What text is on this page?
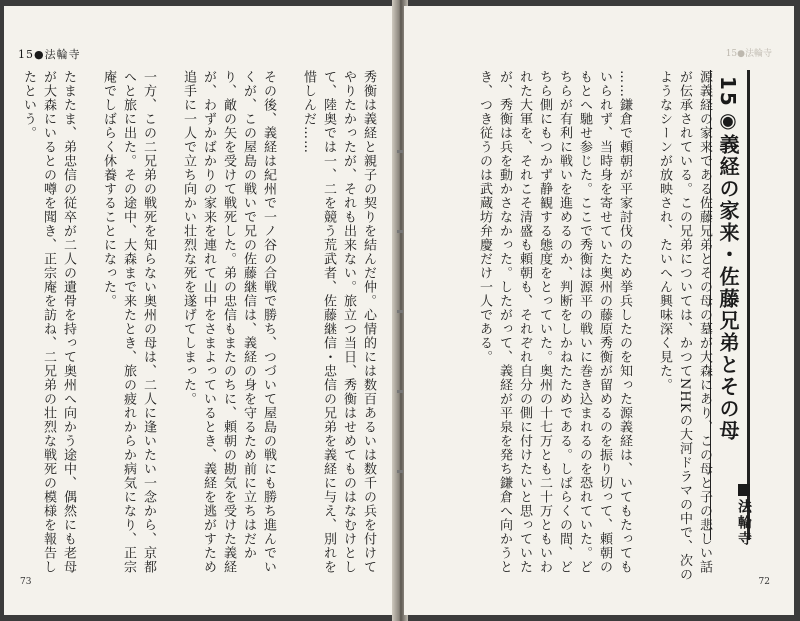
15●法輪寺
秀衡は義経と親子の契りを結んだ仲。心情的には数百あるいは数千の兵を付けてやりたかったが、それも出来ない。旅立つ当日、秀衡はせめてものはなむけとして、陸奥では一、二を競う荒武者、佐藤継信・忠信の兄弟を義経に与え、別れを惜しんだ……

その後、義経は紀州で一ノ谷の合戦で勝ち、つづいて屋島の戦にも勝ち進んでいくが、この屋島の戦いで兄の佐藤継信は、義経の身を守るため前に立ちはだかり、敵の矢を受けて戦死した。弟の忠信もまたのちに、頼朝の勘気を受けた義経が、わずかばかりの家来を連れて山中をさまよっているとき、義経を逃がすため追手に一人で立ち向かい壮烈な死を遂げてしまった。

一方、この二兄弟の戦死を知らない奥州の母は、二人に逢いたい一念から、京都へと旅に出た。その途中、大森まで来たとき、旅の疲れからか病気になり、正宗庵でしばらく休養することになった。

たまたま、弟忠信の従卒が二人の遺骨を持って奥州へ向かう途中、偶然にも老母が大森にいるとの噂を聞き、正宗庵を訪ね、二兄弟の壮烈な戦死の模様を報告したという。

73
15●法輪寺
15◉義経の家来・佐藤兄弟とその母
法輪寺
源義経の家来である佐藤兄弟とその母の墓が大森にあり、この母と子の悲しい話が伝承されている。この兄弟については、かつてNHKの大河ドラマの中で、次のようなシーンが放映され、たいへん興味深く見た。

……鎌倉で頼朝が平家討伐のため挙兵したのを知った源義経は、いてもたってもいられず、当時身を寄せていた奥州の藤原秀衡が留めるのを振り切って、頼朝のもとへ馳せ参じた。ここで秀衡は源平の戦いに巻き込まれるのを恐れていた。どちらが有利に戦いを進めるのか、判断をしかねたためである。しばらくの間、どちら側にもつかず静観する態度をとっていた。奥州の十七万とも二十万ともいわれた大軍を、それこそ清盛も頼朝も、それぞれ自分の側に付けたいと思っていたが、秀衡は兵を動かさなかった。したがって、義経が平泉を発ち鎌倉へ向かうとき、つき従うのは武蔵坊弁慶だけ一人である。
72
